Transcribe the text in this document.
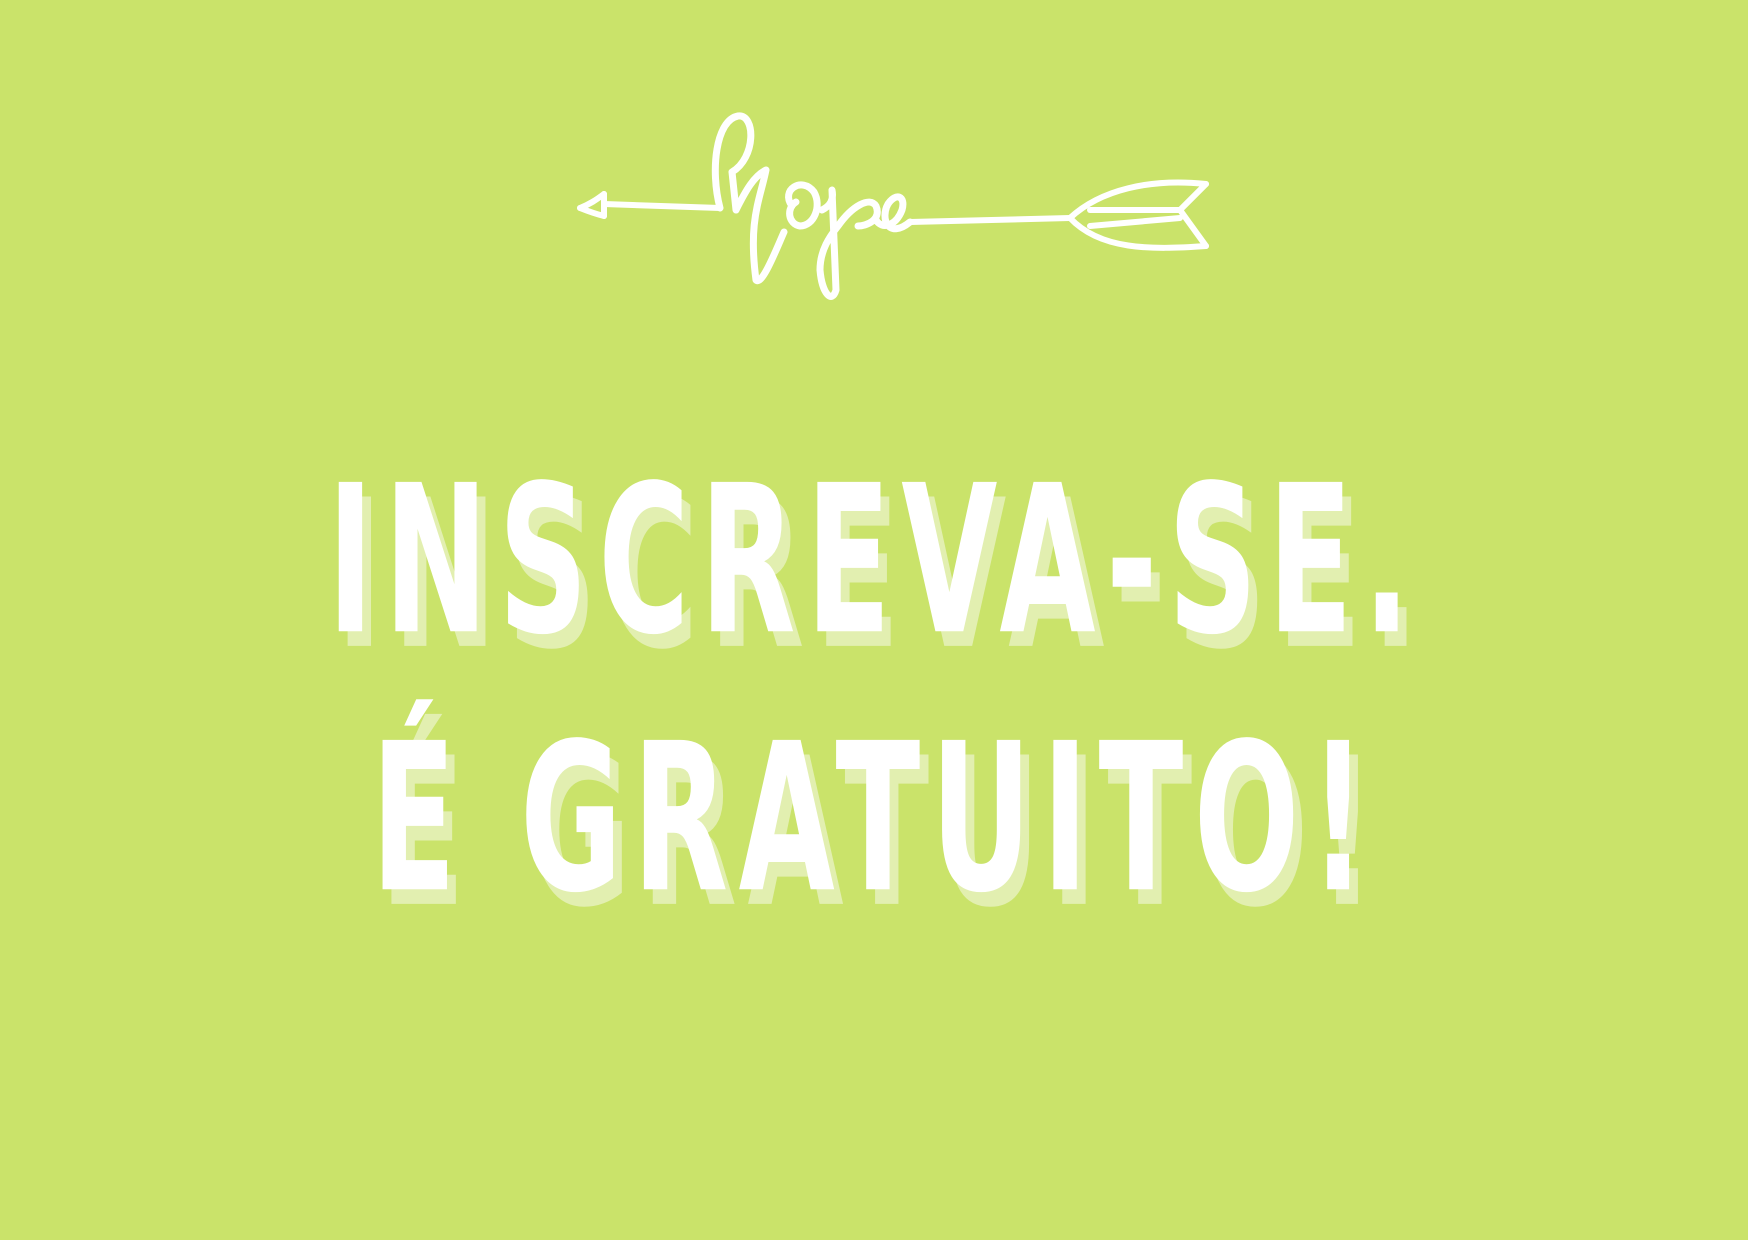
INSCREVA-SE.
É GRATUITO!
